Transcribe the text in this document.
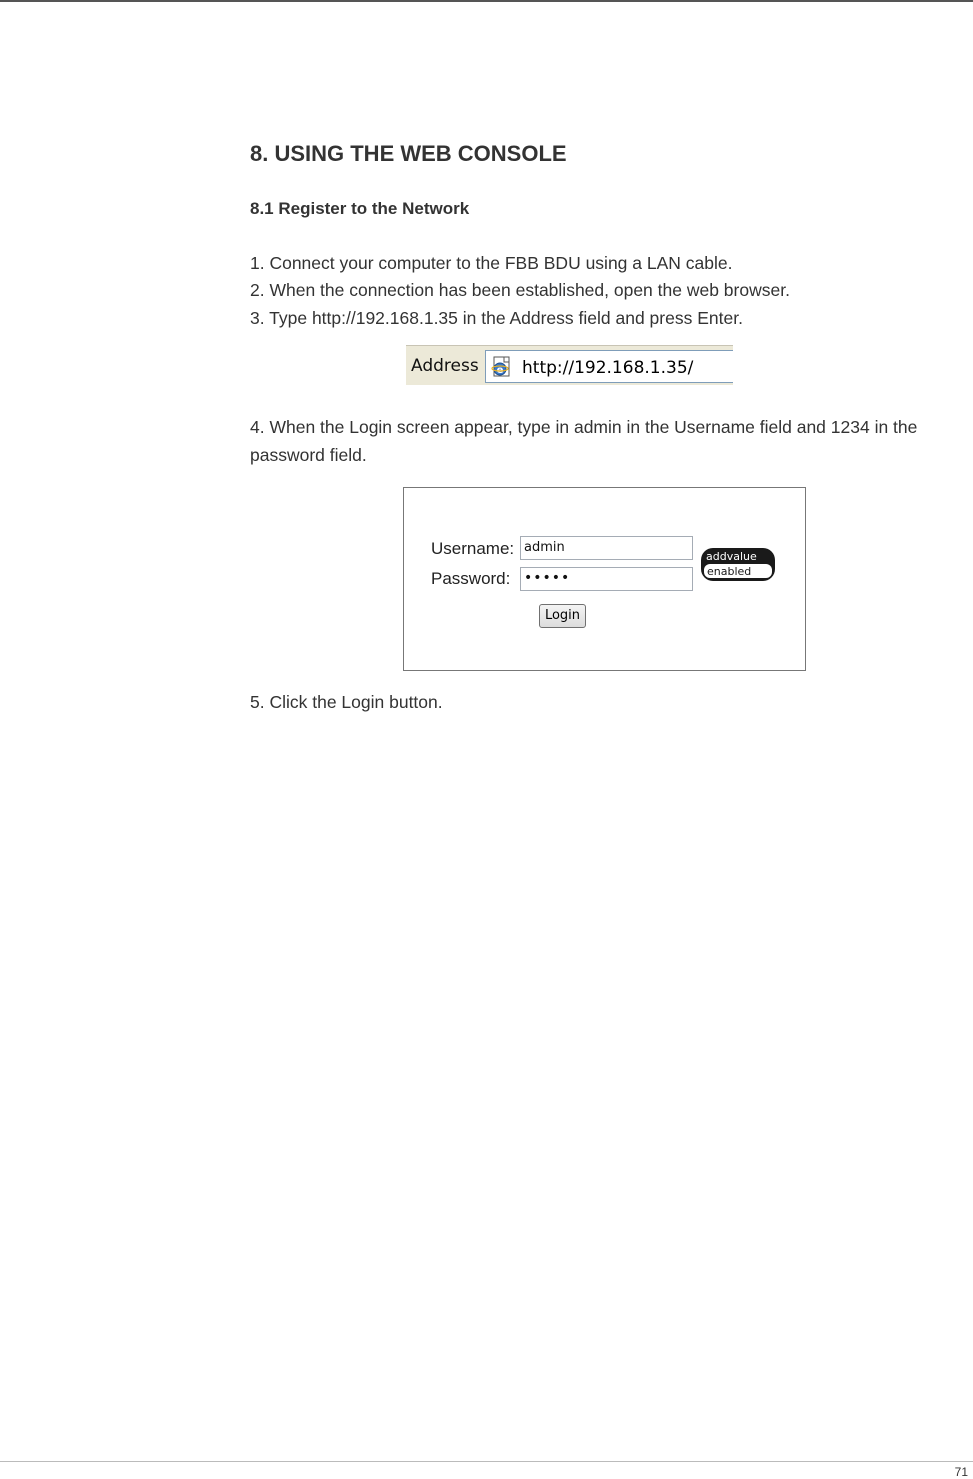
8. USING THE WEB CONSOLE
8.1 Register to the Network
1. Connect your computer to the FBB BDU using a LAN cable.
2. When the connection has been established, open the web browser.
3. Type http://192.168.1.35 in the Address field and press Enter.
4. When the Login screen appear, type in admin in the Username field and 1234 in the password field.
5. Click the Login button.
Address e http://192.168.1.35/
Username: admin
Password: •••••
Login
addvalue
enabled
71
